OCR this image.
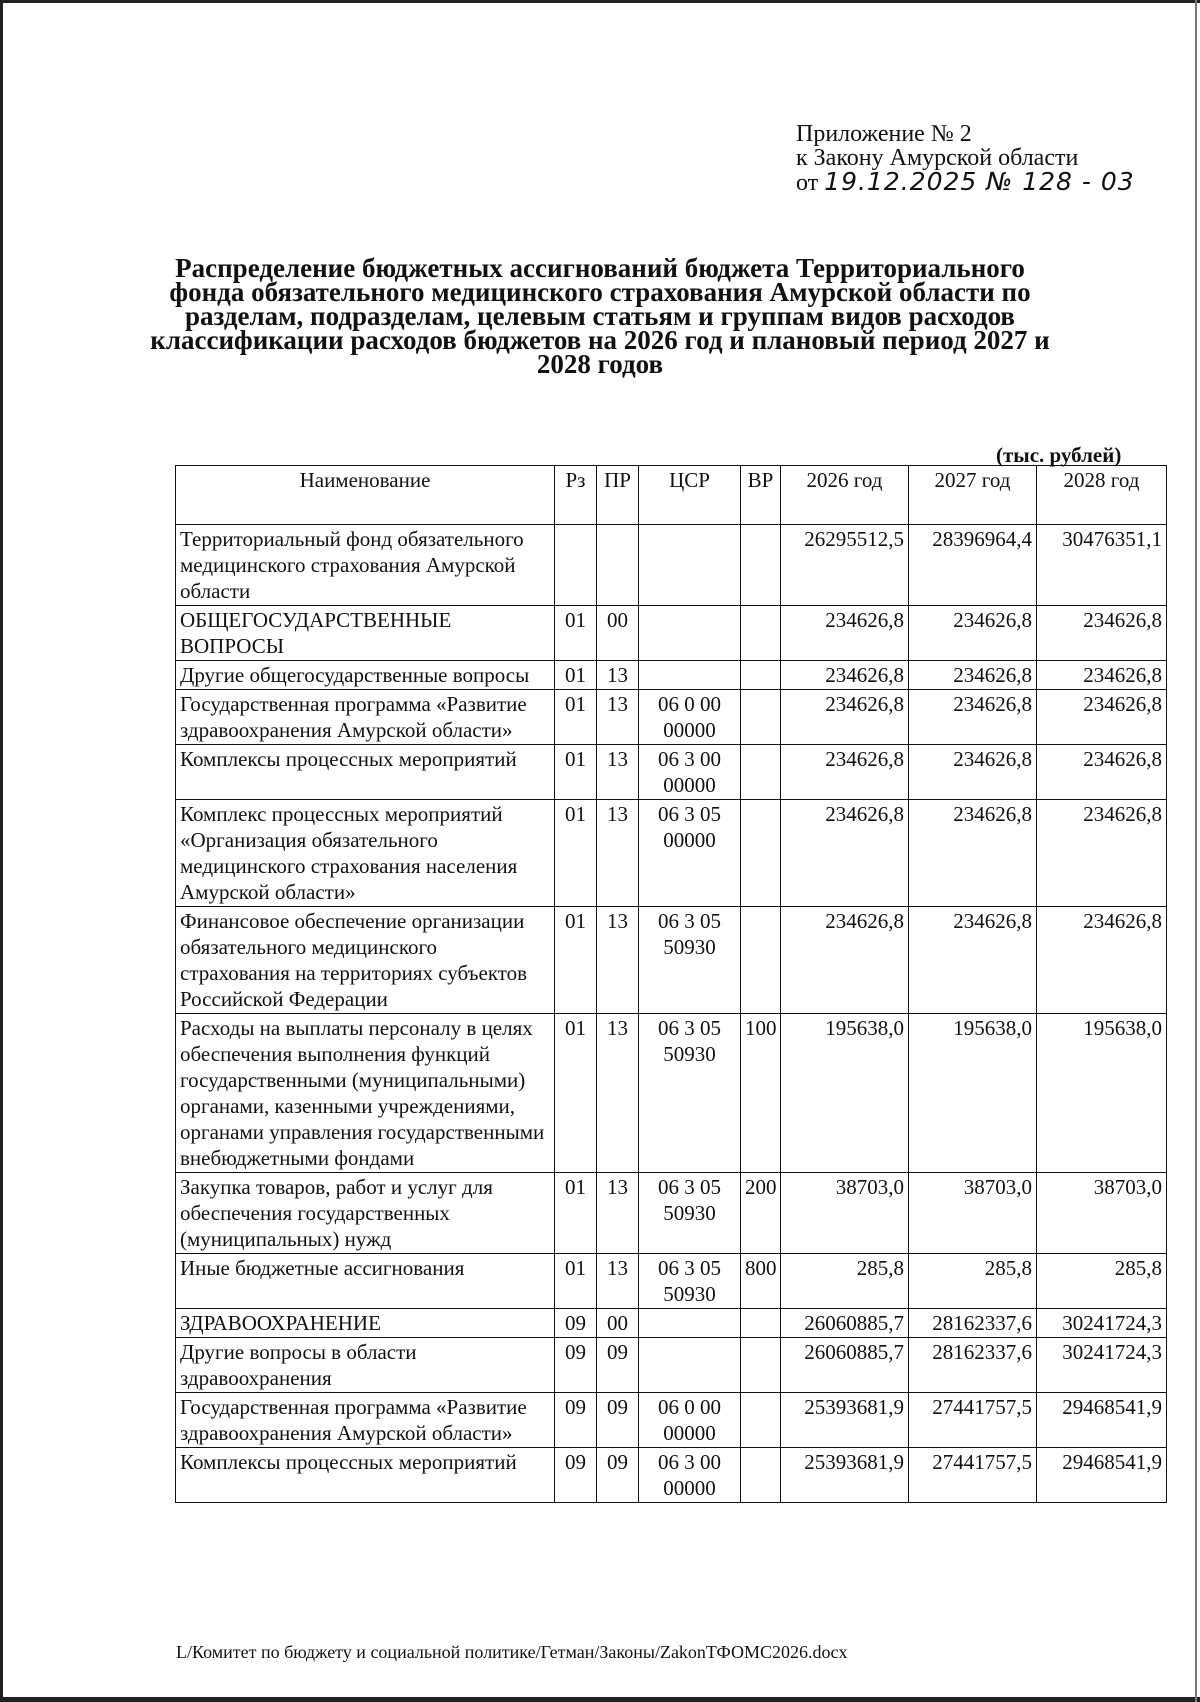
Приложение № 2
к Закону Амурской области
от 19.12.2025 № 128 - 03
Распределение бюджетных ассигнований бюджета Территориального фонда обязательного медицинского страхования Амурской области по разделам, подразделам, целевым статьям и группам видов расходов классификации расходов бюджетов на 2026 год и плановый период 2027 и 2028 годов
(тыс. рублей)
Наименование	Рз	ПР	ЦСР	ВР	2026 год	2027 год	2028 год
Территориальный фонд обязательного медицинского страхования Амурской области					26295512,5	28396964,4	30476351,1
ОБЩЕГОСУДАРСТВЕННЫЕ ВОПРОСЫ	01	00			234626,8	234626,8	234626,8
Другие общегосударственные вопросы	01	13			234626,8	234626,8	234626,8
Государственная программа «Развитие здравоохранения Амурской области»	01	13	06 0 00 00000		234626,8	234626,8	234626,8
Комплексы процессных мероприятий	01	13	06 3 00 00000		234626,8	234626,8	234626,8
Комплекс процессных мероприятий «Организация обязательного медицинского страхования населения Амурской области»	01	13	06 3 05 00000		234626,8	234626,8	234626,8
Финансовое обеспечение организации обязательного медицинского страхования на территориях субъектов Российской Федерации	01	13	06 3 05 50930		234626,8	234626,8	234626,8
Расходы на выплаты персоналу в целях обеспечения выполнения функций государственными (муниципальными) органами, казенными учреждениями, органами управления государственными внебюджетными фондами	01	13	06 3 05 50930	100	195638,0	195638,0	195638,0
Закупка товаров, работ и услуг для обеспечения государственных (муниципальных) нужд	01	13	06 3 05 50930	200	38703,0	38703,0	38703,0
Иные бюджетные ассигнования	01	13	06 3 05 50930	800	285,8	285,8	285,8
ЗДРАВООХРАНЕНИЕ	09	00			26060885,7	28162337,6	30241724,3
Другие вопросы в области здравоохранения	09	09			26060885,7	28162337,6	30241724,3
Государственная программа «Развитие здравоохранения Амурской области»	09	09	06 0 00 00000		25393681,9	27441757,5	29468541,9
Комплексы процессных мероприятий	09	09	06 3 00 00000		25393681,9	27441757,5	29468541,9
L/Комитет по бюджету и социальной политике/Гетман/Законы/ZakonТФОМС2026.docx
